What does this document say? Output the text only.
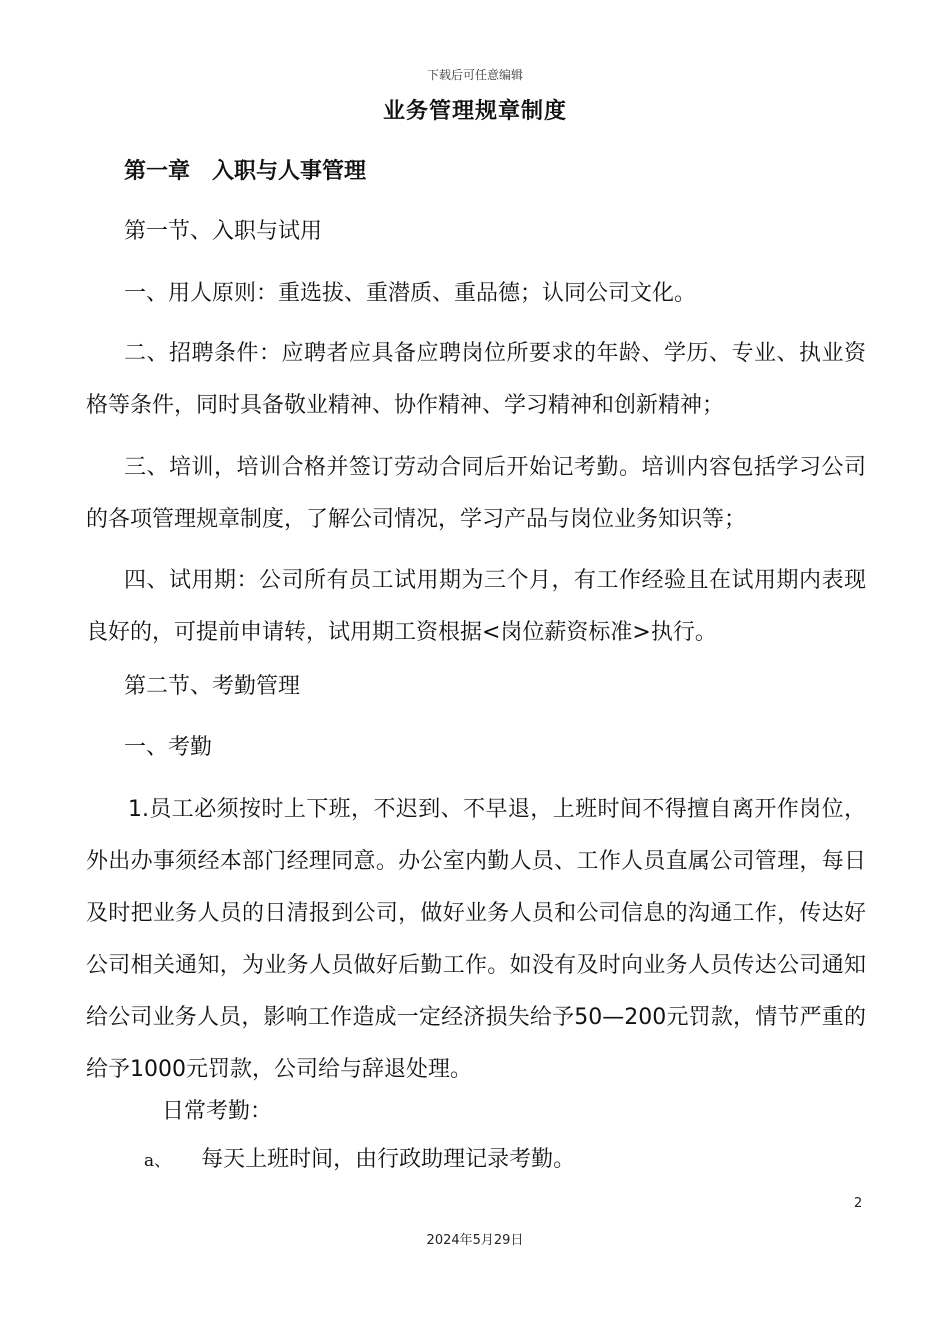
下载后可任意编辑
业务管理规章制度
第一章 入职与人事管理
第一节、入职与试用
一、用人原则：重选拔、重潜质、重品德；认同公司文化。
二、招聘条件：应聘者应具备应聘岗位所要求的年龄、学历、专业、执业资格等条件，同时具备敬业精神、协作精神、学习精神和创新精神；
三、培训，培训合格并签订劳动合同后开始记考勤。培训内容包括学习公司的各项管理规章制度，了解公司情况，学习产品与岗位业务知识等；
四、试用期：公司所有员工试用期为三个月，有工作经验且在试用期内表现良好的，可提前申请转，试用期工资根据<岗位薪资标准>执行。
第二节、考勤管理
一、考勤
1.员工必须按时上下班，不迟到、不早退，上班时间不得擅自离开作岗位，外出办事须经本部门经理同意。办公室内勤人员、工作人员直属公司管理，每日及时把业务人员的日清报到公司，做好业务人员和公司信息的沟通工作，传达好公司相关通知，为业务人员做好后勤工作。如没有及时向业务人员传达公司通知给公司业务人员，影响工作造成一定经济损失给予50—200元罚款，情节严重的给予1000元罚款，公司给与辞退处理。
日常考勤：
a、 每天上班时间，由行政助理记录考勤。
2
2024年5月29日
